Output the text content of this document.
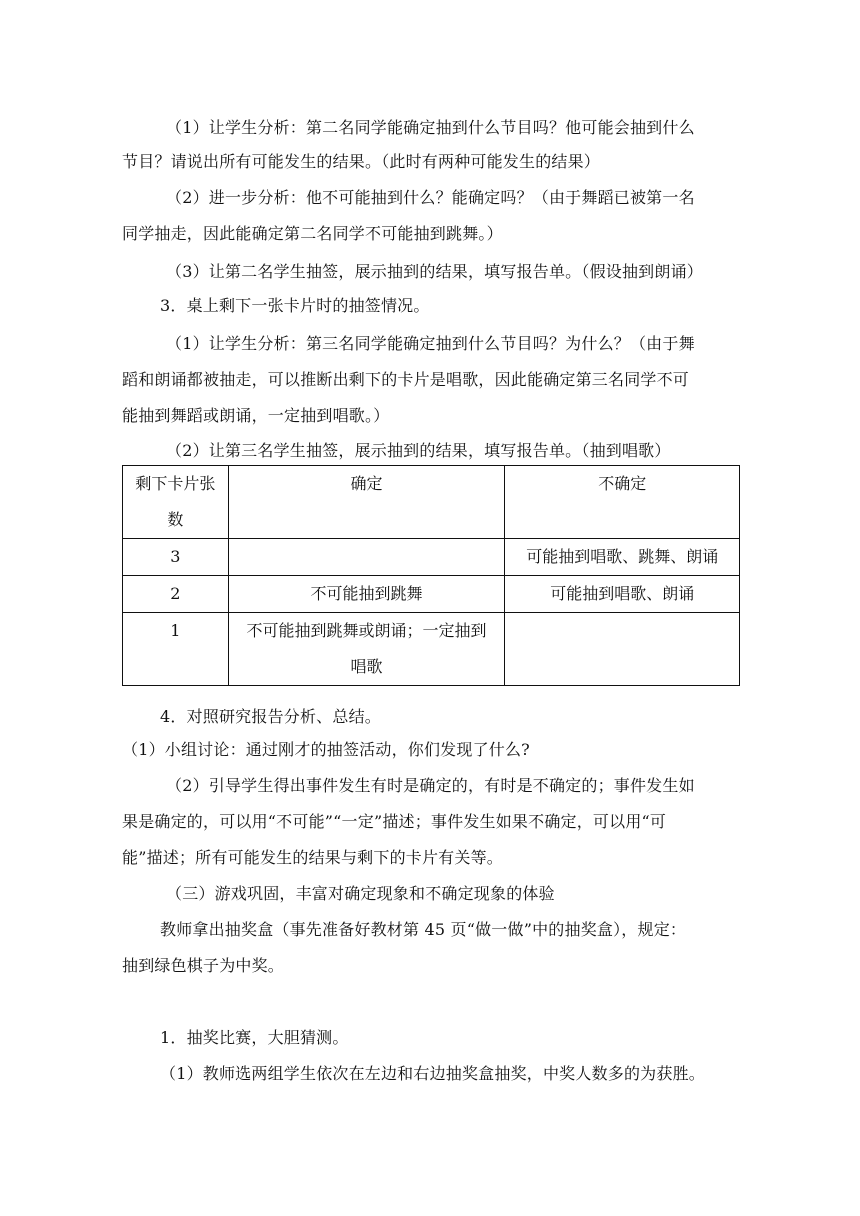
（1）让学生分析：第二名同学能确定抽到什么节目吗？他可能会抽到什么
节目？请说出所有可能发生的结果。（此时有两种可能发生的结果）
（2）进一步分析：他不可能抽到什么？能确定吗？（由于舞蹈已被第一名
同学抽走，因此能确定第二名同学不可能抽到跳舞。）
（3）让第二名学生抽签，展示抽到的结果，填写报告单。（假设抽到朗诵）
3．桌上剩下一张卡片时的抽签情况。
（1）让学生分析：第三名同学能确定抽到什么节目吗？为什么？（由于舞
蹈和朗诵都被抽走，可以推断出剩下的卡片是唱歌，因此能确定第三名同学不可
能抽到舞蹈或朗诵，一定抽到唱歌。）
（2）让第三名学生抽签，展示抽到的结果，填写报告单。（抽到唱歌）
剩下卡片张
数	确定	不确定
3		可能抽到唱歌、跳舞、朗诵
2	不可能抽到跳舞	可能抽到唱歌、朗诵
1	不可能抽到跳舞或朗诵；一定抽到
唱歌	

4．对照研究报告分析、总结。
（1）小组讨论：通过刚才的抽签活动，你们发现了什么?
（2）引导学生得出事件发生有时是确定的，有时是不确定的；事件发生如
果是确定的，可以用“不可能”“一定”描述；事件发生如果不确定，可以用“可
能”描述；所有可能发生的结果与剩下的卡片有关等。
（三）游戏巩固，丰富对确定现象和不确定现象的体验
教师拿出抽奖盒（事先准备好教材第 45 页“做一做”中的抽奖盒），规定：
抽到绿色棋子为中奖。
1．抽奖比赛，大胆猜测。
（1）教师选两组学生依次在左边和右边抽奖盒抽奖，中奖人数多的为获胜。
